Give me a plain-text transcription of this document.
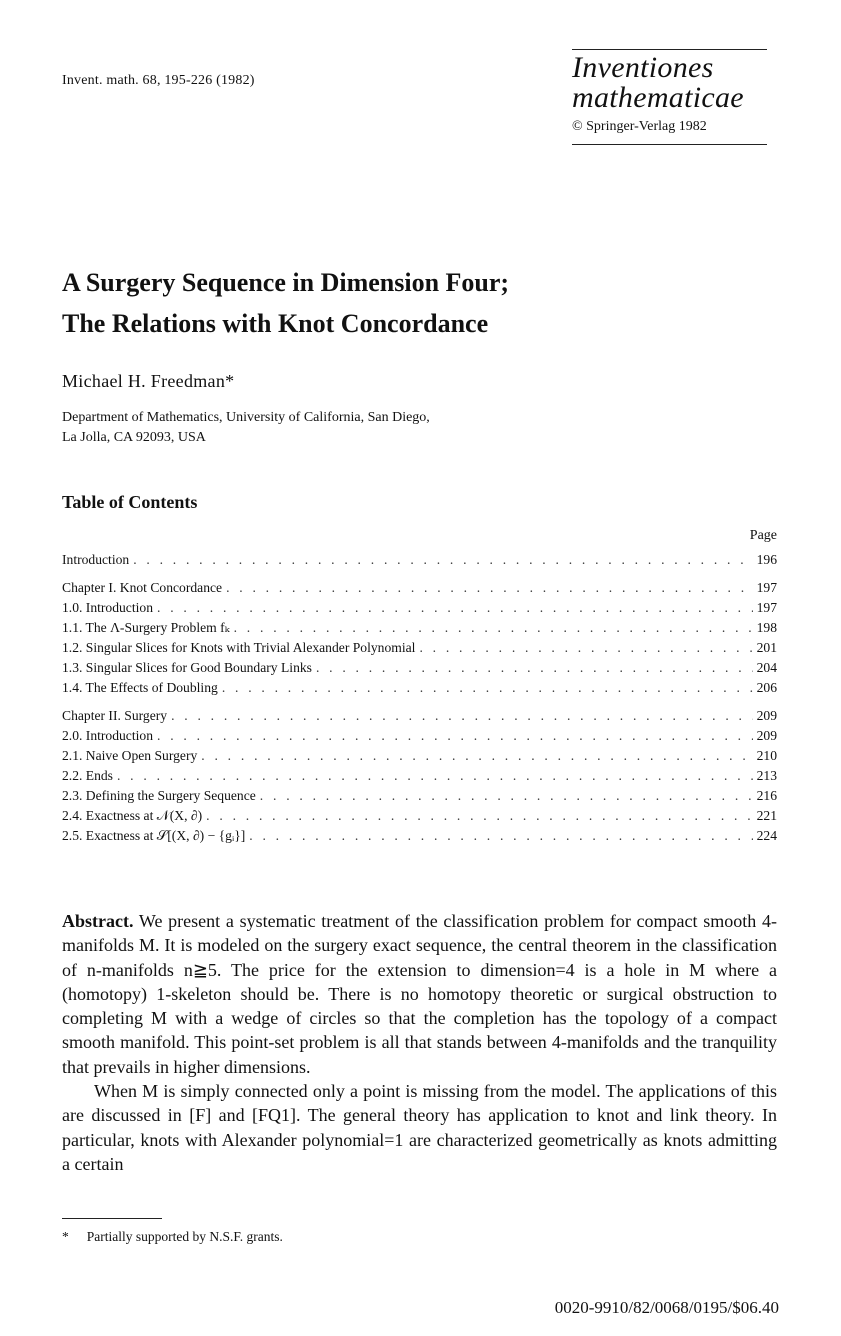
Invent. math. 68, 195-226 (1982)	Inventiones
mathematicae
© Springer-Verlag 1982
A Surgery Sequence in Dimension Four;
The Relations with Knot Concordance
Michael H. Freedman*
Department of Mathematics, University of California, San Diego,
La Jolla, CA 92093, USA
Table of Contents
Page
Introduction . . .	196
Chapter I. Knot Concordance . . .	197
1.0. Introduction . . .	197
1.1. The Λ-Surgery Problem fₖ . . .	198
1.2. Singular Slices for Knots with Trivial Alexander Polynomial . . .	201
1.3. Singular Slices for Good Boundary Links . . .	204
1.4. The Effects of Doubling . . .	206
Chapter II. Surgery . . .	209
2.0. Introduction . . .	209
2.1. Naive Open Surgery . . .	210
2.2. Ends . . .	213
2.3. Defining the Surgery Sequence . . .	216
2.4. Exactness at 𝒩(X, ∂) . . .	221
2.5. Exactness at 𝒮[(X, ∂) − {gᵢ}] . . .	224

Abstract. We present a systematic treatment of the classification problem for compact smooth 4-manifolds M. It is modeled on the surgery exact sequence, the central theorem in the classification of n-manifolds n≧5. The price for the extension to dimension=4 is a hole in M where a (homotopy) 1-skeleton should be. There is no homotopy theoretic or surgical obstruction to completing M with a wedge of circles so that the completion has the topology of a compact smooth manifold. This point-set problem is all that stands between 4-manifolds and the tranquility that prevails in higher dimensions.

When M is simply connected only a point is missing from the model. The applications of this are discussed in [F] and [FQ1]. The general theory has application to knot and link theory. In particular, knots with Alexander polynomial=1 are characterized geometrically as knots admitting a certain

* Partially supported by N.S.F. grants.
0020-9910/82/0068/0195/$06.40
